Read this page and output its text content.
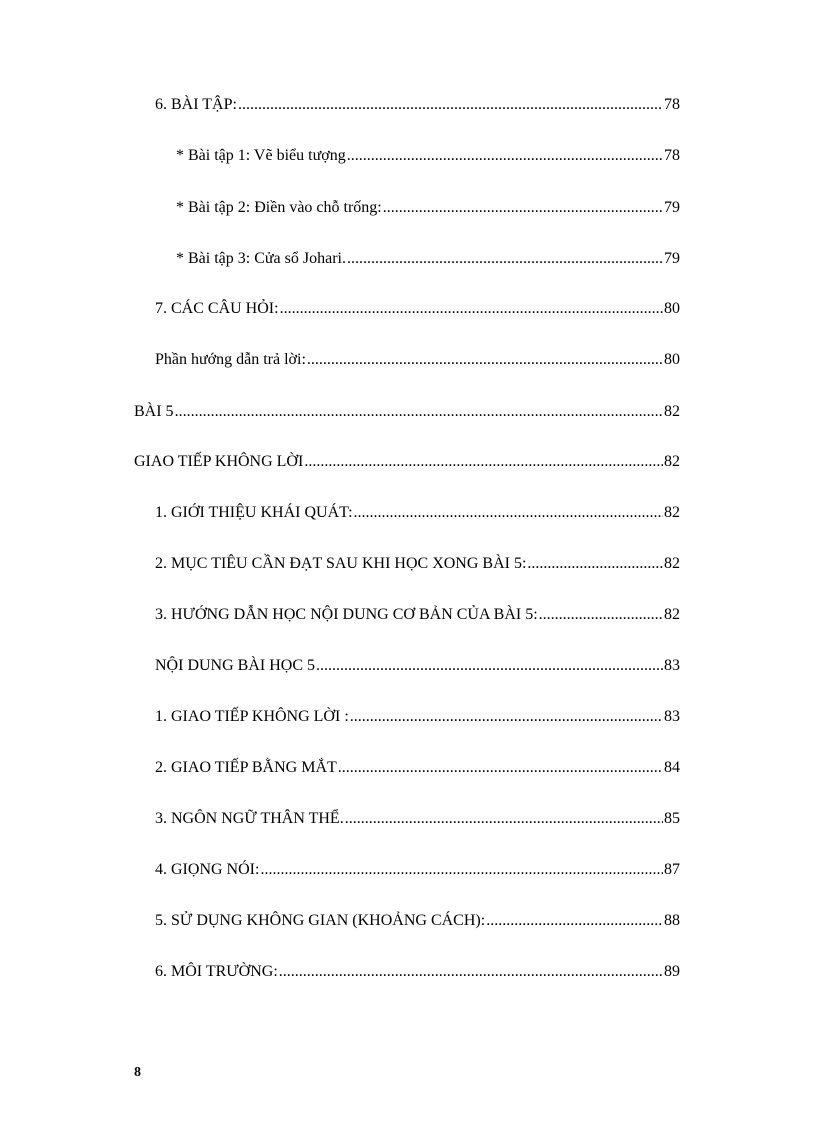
6. BÀI TẬP: .....	78
* Bài tập 1: Vẽ biểu tượng .....	78
* Bài tập 2: Điền vào chỗ trống: .....	79
* Bài tập 3: Cửa sổ Johari. .....	79
7. CÁC CÂU HỎI: .....	80
Phần hướng dẫn trả lời: .....	80
BÀI 5 .....	82
GIAO TIẾP KHÔNG LỜI .....	82
1. GIỚI THIỆU KHÁI QUÁT: .....	82
2. MỤC TIÊU CẦN ĐẠT SAU KHI HỌC XONG BÀI 5: .....	82
3. HƯỚNG DẪN HỌC NỘI DUNG CƠ BẢN CỦA BÀI 5: .....	82
NỘI DUNG BÀI HỌC 5 .....	83
1. GIAO TIẾP KHÔNG LỜI : .....	83
2. GIAO TIẾP BẰNG MẮT .....	84
3. NGÔN NGỮ THÂN THỂ. .....	85
4. GIỌNG NÓI: .....	87
5. SỬ DỤNG KHÔNG GIAN (KHOẢNG CÁCH): .....	88
6. MÔI TRƯỜNG: .....	89
8
